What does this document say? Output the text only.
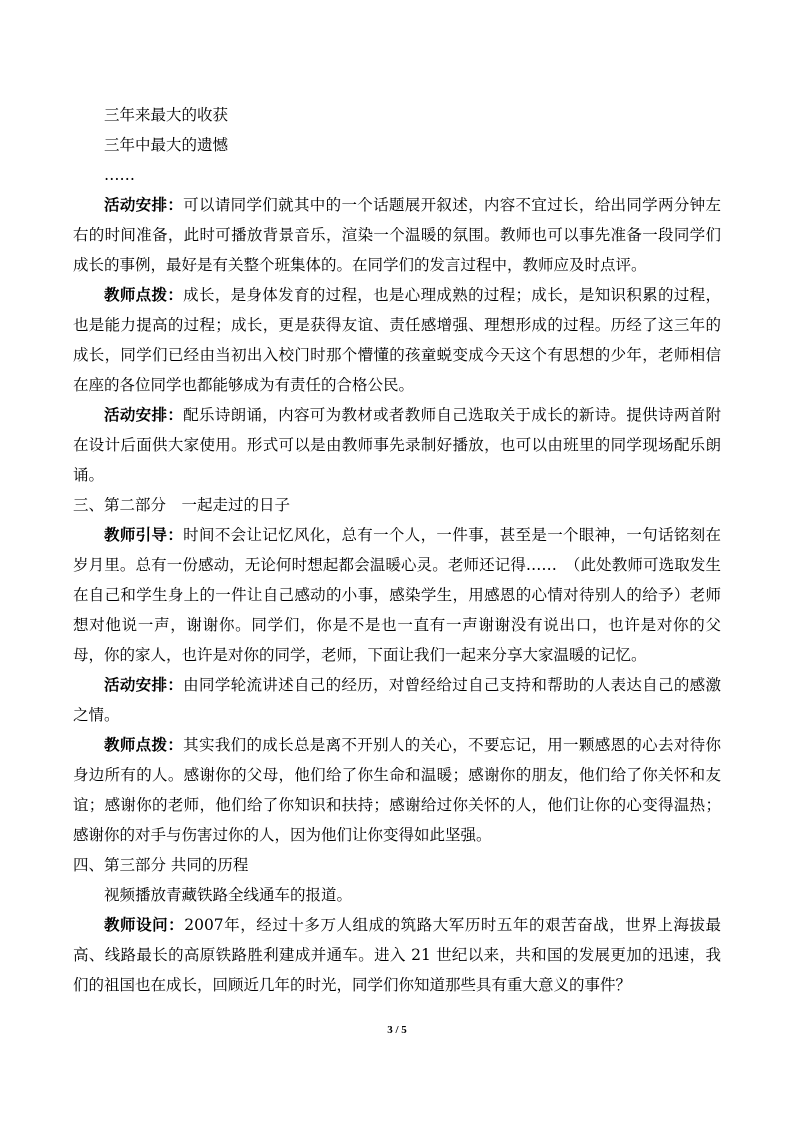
三年来最大的收获

三年中最大的遗憾

……

活动安排：可以请同学们就其中的一个话题展开叙述，内容不宜过长，给出同学两分钟左右的时间准备，此时可播放背景音乐，渲染一个温暖的氛围。教师也可以事先准备一段同学们成长的事例，最好是有关整个班集体的。在同学们的发言过程中，教师应及时点评。

教师点拨：成长，是身体发育的过程，也是心理成熟的过程；成长，是知识积累的过程，也是能力提高的过程；成长，更是获得友谊、责任感增强、理想形成的过程。历经了这三年的成长，同学们已经由当初出入校门时那个懵懂的孩童蜕变成今天这个有思想的少年，老师相信在座的各位同学也都能够成为有责任的合格公民。

活动安排：配乐诗朗诵，内容可为教材或者教师自己选取关于成长的新诗。提供诗两首附在设计后面供大家使用。形式可以是由教师事先录制好播放，也可以由班里的同学现场配乐朗诵。

三、第二部分　一起走过的日子

教师引导：时间不会让记忆风化，总有一个人，一件事，甚至是一个眼神，一句话铭刻在岁月里。总有一份感动，无论何时想起都会温暖心灵。老师还记得……　（此处教师可选取发生在自己和学生身上的一件让自己感动的小事，感染学生，用感恩的心情对待别人的给予）老师想对他说一声，谢谢你。同学们，你是不是也一直有一声谢谢没有说出口，也许是对你的父母，你的家人，也许是对你的同学，老师，下面让我们一起来分享大家温暖的记忆。

活动安排：由同学轮流讲述自己的经历，对曾经给过自己支持和帮助的人表达自己的感激之情。

教师点拨：其实我们的成长总是离不开别人的关心，不要忘记，用一颗感恩的心去对待你身边所有的人。感谢你的父母，他们给了你生命和温暖；感谢你的朋友，他们给了你关怀和友谊；感谢你的老师，他们给了你知识和扶持；感谢给过你关怀的人，他们让你的心变得温热；感谢你的对手与伤害过你的人，因为他们让你变得如此坚强。

四、第三部分 共同的历程

视频播放青藏铁路全线通车的报道。

教师设问：2007年，经过十多万人组成的筑路大军历时五年的艰苦奋战，世界上海拔最高、线路最长的高原铁路胜利建成并通车。进入 21 世纪以来，共和国的发展更加的迅速，我们的祖国也在成长，回顾近几年的时光，同学们你知道那些具有重大意义的事件？

3 / 5
